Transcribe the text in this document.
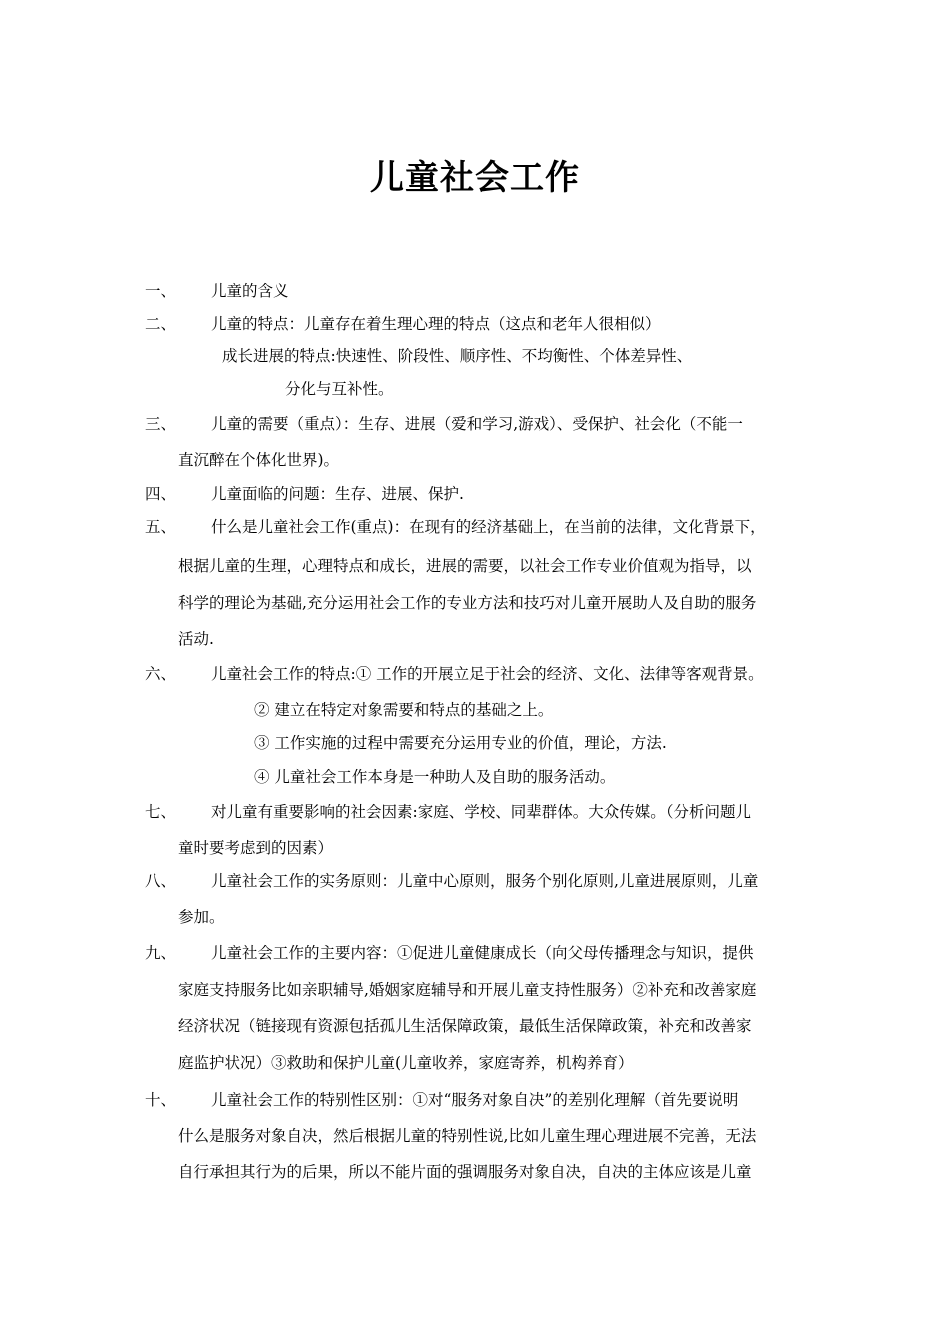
儿童社会工作
一、 儿童的含义
二、 儿童的特点：儿童存在着生理心理的特点（这点和老年人很相似）
成长进展的特点:快速性、阶段性、顺序性、不均衡性、个体差异性、
分化与互补性。
三、 儿童的需要（重点）：生存、进展（爱和学习,游戏）、受保护、社会化（不能一
直沉醉在个体化世界)。
四、 儿童面临的问题：生存、进展、保护.
五、 什么是儿童社会工作(重点)：在现有的经济基础上，在当前的法律，文化背景下，
根据儿童的生理，心理特点和成长，进展的需要，以社会工作专业价值观为指导，以
科学的理论为基础,充分运用社会工作的专业方法和技巧对儿童开展助人及自助的服务
活动.
六、 儿童社会工作的特点:① 工作的开展立足于社会的经济、文化、法律等客观背景。
② 建立在特定对象需要和特点的基础之上。
③ 工作实施的过程中需要充分运用专业的价值，理论，方法.
④ 儿童社会工作本身是一种助人及自助的服务活动。
七、 对儿童有重要影响的社会因素:家庭、学校、同辈群体。大众传媒。（分析问题儿
童时要考虑到的因素）
八、 儿童社会工作的实务原则：儿童中心原则，服务个别化原则,儿童进展原则，儿童
参加。
九、 儿童社会工作的主要内容：①促进儿童健康成长（向父母传播理念与知识，提供
家庭支持服务比如亲职辅导,婚姻家庭辅导和开展儿童支持性服务）②补充和改善家庭
经济状况（链接现有资源包括孤儿生活保障政策，最低生活保障政策，补充和改善家
庭监护状况）③救助和保护儿童(儿童收养，家庭寄养，机构养育）
十、 儿童社会工作的特别性区别：①对“服务对象自决”的差别化理解（首先要说明
什么是服务对象自决，然后根据儿童的特别性说,比如儿童生理心理进展不完善，无法
自行承担其行为的后果，所以不能片面的强调服务对象自决，自决的主体应该是儿童
